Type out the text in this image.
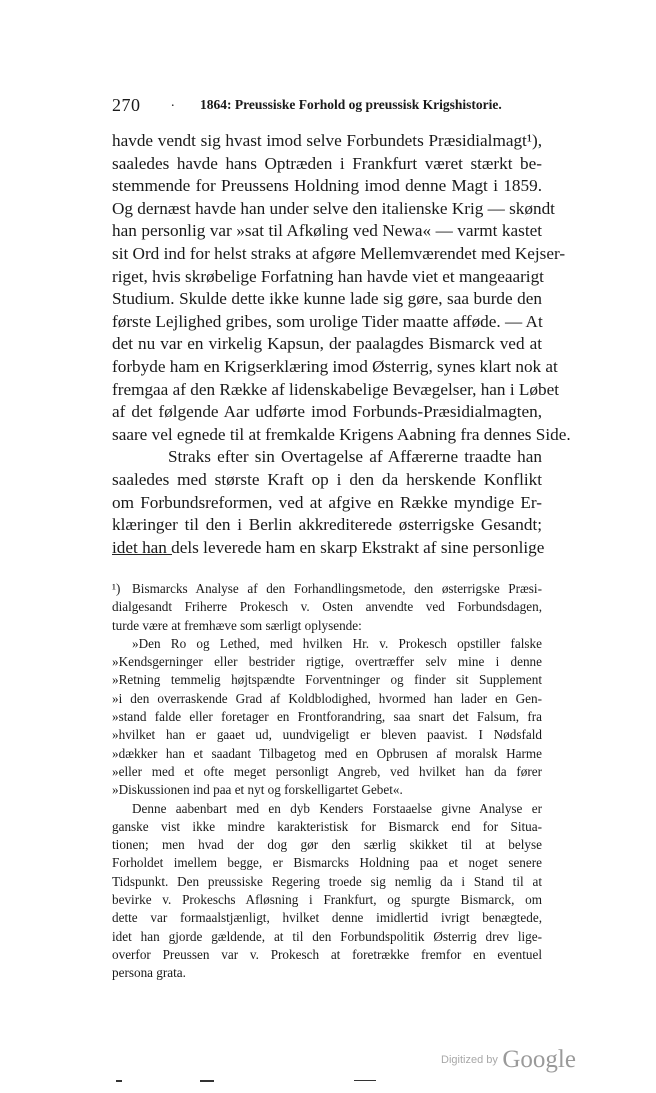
270 . 1864: Preussiske Forhold og preussisk Krigshistorie.
havde vendt sig hvast imod selve Forbundets Præsidialmagt¹),
saaledes havde hans Optræden i Frankfurt været stærkt be-
stemmende for Preussens Holdning imod denne Magt i 1859.
Og dernæst havde han under selve den italienske Krig — skøndt
han personlig var »sat til Afkøling ved Newa« — varmt kastet
sit Ord ind for helst straks at afgøre Mellemværendet med Kejser-
riget, hvis skrøbelige Forfatning han havde viet et mangeaarigt
Studium. Skulde dette ikke kunne lade sig gøre, saa burde den
første Lejlighed gribes, som urolige Tider maatte afføde. — At
det nu var en virkelig Kapsun, der paalagdes Bismarck ved at
forbyde ham en Krigserklæring imod Østerrig, synes klart nok at
fremgaa af den Række af lidenskabelige Bevægelser, han i Løbet
af det følgende Aar udførte imod Forbunds-Præsidialmagten,
saare vel egnede til at fremkalde Krigens Aabning fra dennes Side.
Straks efter sin Overtagelse af Affærerne traadte han
saaledes med største Kraft op i den da herskende Konflikt
om Forbundsreformen, ved at afgive en Række myndige Er-
klæringer til den i Berlin akkrediterede østerrigske Gesandt;
idet han dels leverede ham en skarp Ekstrakt af sine personlige
¹) Bismarcks Analyse af den Forhandlingsmetode, den østerrigske Præsi-
dialgesandt Friherre Prokesch v. Osten anvendte ved Forbundsdagen,
turde være at fremhæve som særligt oplysende:
»Den Ro og Lethed, med hvilken Hr. v. Prokesch opstiller falske
»Kendsgerninger eller bestrider rigtige, overtræffer selv mine i denne
»Retning temmelig højtspændte Forventninger og finder sit Supplement
»i den overraskende Grad af Koldblodighed, hvormed han lader en Gen-
»stand falde eller foretager en Frontforandring, saa snart det Falsum, fra
»hvilket han er gaaet ud, uundvigeligt er bleven paavist. I Nødsfald
»dækker han et saadant Tilbagetog med en Opbrusen af moralsk Harme
»eller med et ofte meget personligt Angreb, ved hvilket han da fører
»Diskussionen ind paa et nyt og forskelligartet Gebet«.
Denne aabenbart med en dyb Kenders Forstaaelse givne Analyse er
ganske vist ikke mindre karakteristisk for Bismarck end for Situa-
tionen; men hvad der dog gør den særlig skikket til at belyse
Forholdet imellem begge, er Bismarcks Holdning paa et noget senere
Tidspunkt. Den preussiske Regering troede sig nemlig da i Stand til at
bevirke v. Prokeschs Afløsning i Frankfurt, og spurgte Bismarck, om
dette var formaalstjænligt, hvilket denne imidlertid ivrigt benægtede,
idet han gjorde gældende, at til den Forbundspolitik Østerrig drev lige-
overfor Preussen var v. Prokesch at foretrække fremfor en eventuel
persona grata.
Digitized by Google
